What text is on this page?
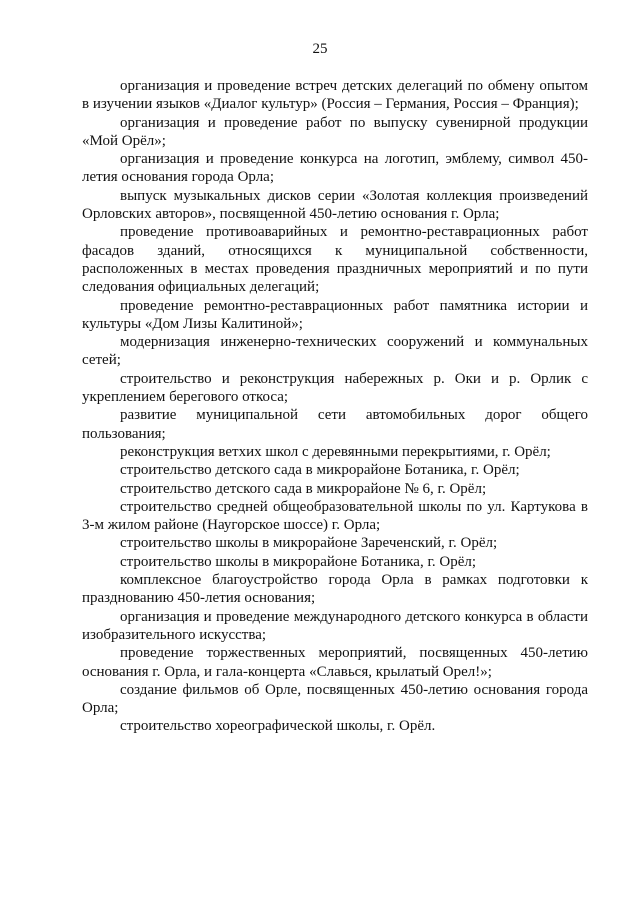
25

организация и проведение встреч детских делегаций по обмену опытом в изучении языков «Диалог культур» (Россия – Германия, Россия – Франция);

организация и проведение работ по выпуску сувенирной продукции «Мой Орёл»;

организация и проведение конкурса на логотип, эмблему, символ 450-летия основания города Орла;

выпуск музыкальных дисков серии «Золотая коллекция произведений Орловских авторов», посвященной 450-летию основания г. Орла;

проведение противоаварийных и ремонтно-реставрационных работ фасадов зданий, относящихся к муниципальной собственности, расположенных в местах проведения праздничных мероприятий и по пути следования официальных делегаций;

проведение ремонтно-реставрационных работ памятника истории и культуры «Дом Лизы Калитиной»;

модернизация инженерно-технических сооружений и коммунальных сетей;

строительство и реконструкция набережных р. Оки и р. Орлик с укреплением берегового откоса;

развитие муниципальной сети автомобильных дорог общего пользования;

реконструкция ветхих школ с деревянными перекрытиями, г. Орёл;

строительство детского сада в микрорайоне Ботаника, г. Орёл;

строительство детского сада в микрорайоне № 6, г. Орёл;

строительство средней общеобразовательной школы по ул. Картукова в 3-м жилом районе (Наугорское шоссе) г. Орла;

строительство школы в микрорайоне Зареченский, г. Орёл;

строительство школы в микрорайоне Ботаника, г. Орёл;

комплексное благоустройство города Орла в рамках подготовки к празднованию 450-летия основания;

организация и проведение международного детского конкурса в области изобразительного искусства;

проведение торжественных мероприятий, посвященных 450-летию основания г. Орла, и гала-концерта «Славься, крылатый Орел!»;

создание фильмов об Орле, посвященных 450-летию основания города Орла;

строительство хореографической школы, г. Орёл.
